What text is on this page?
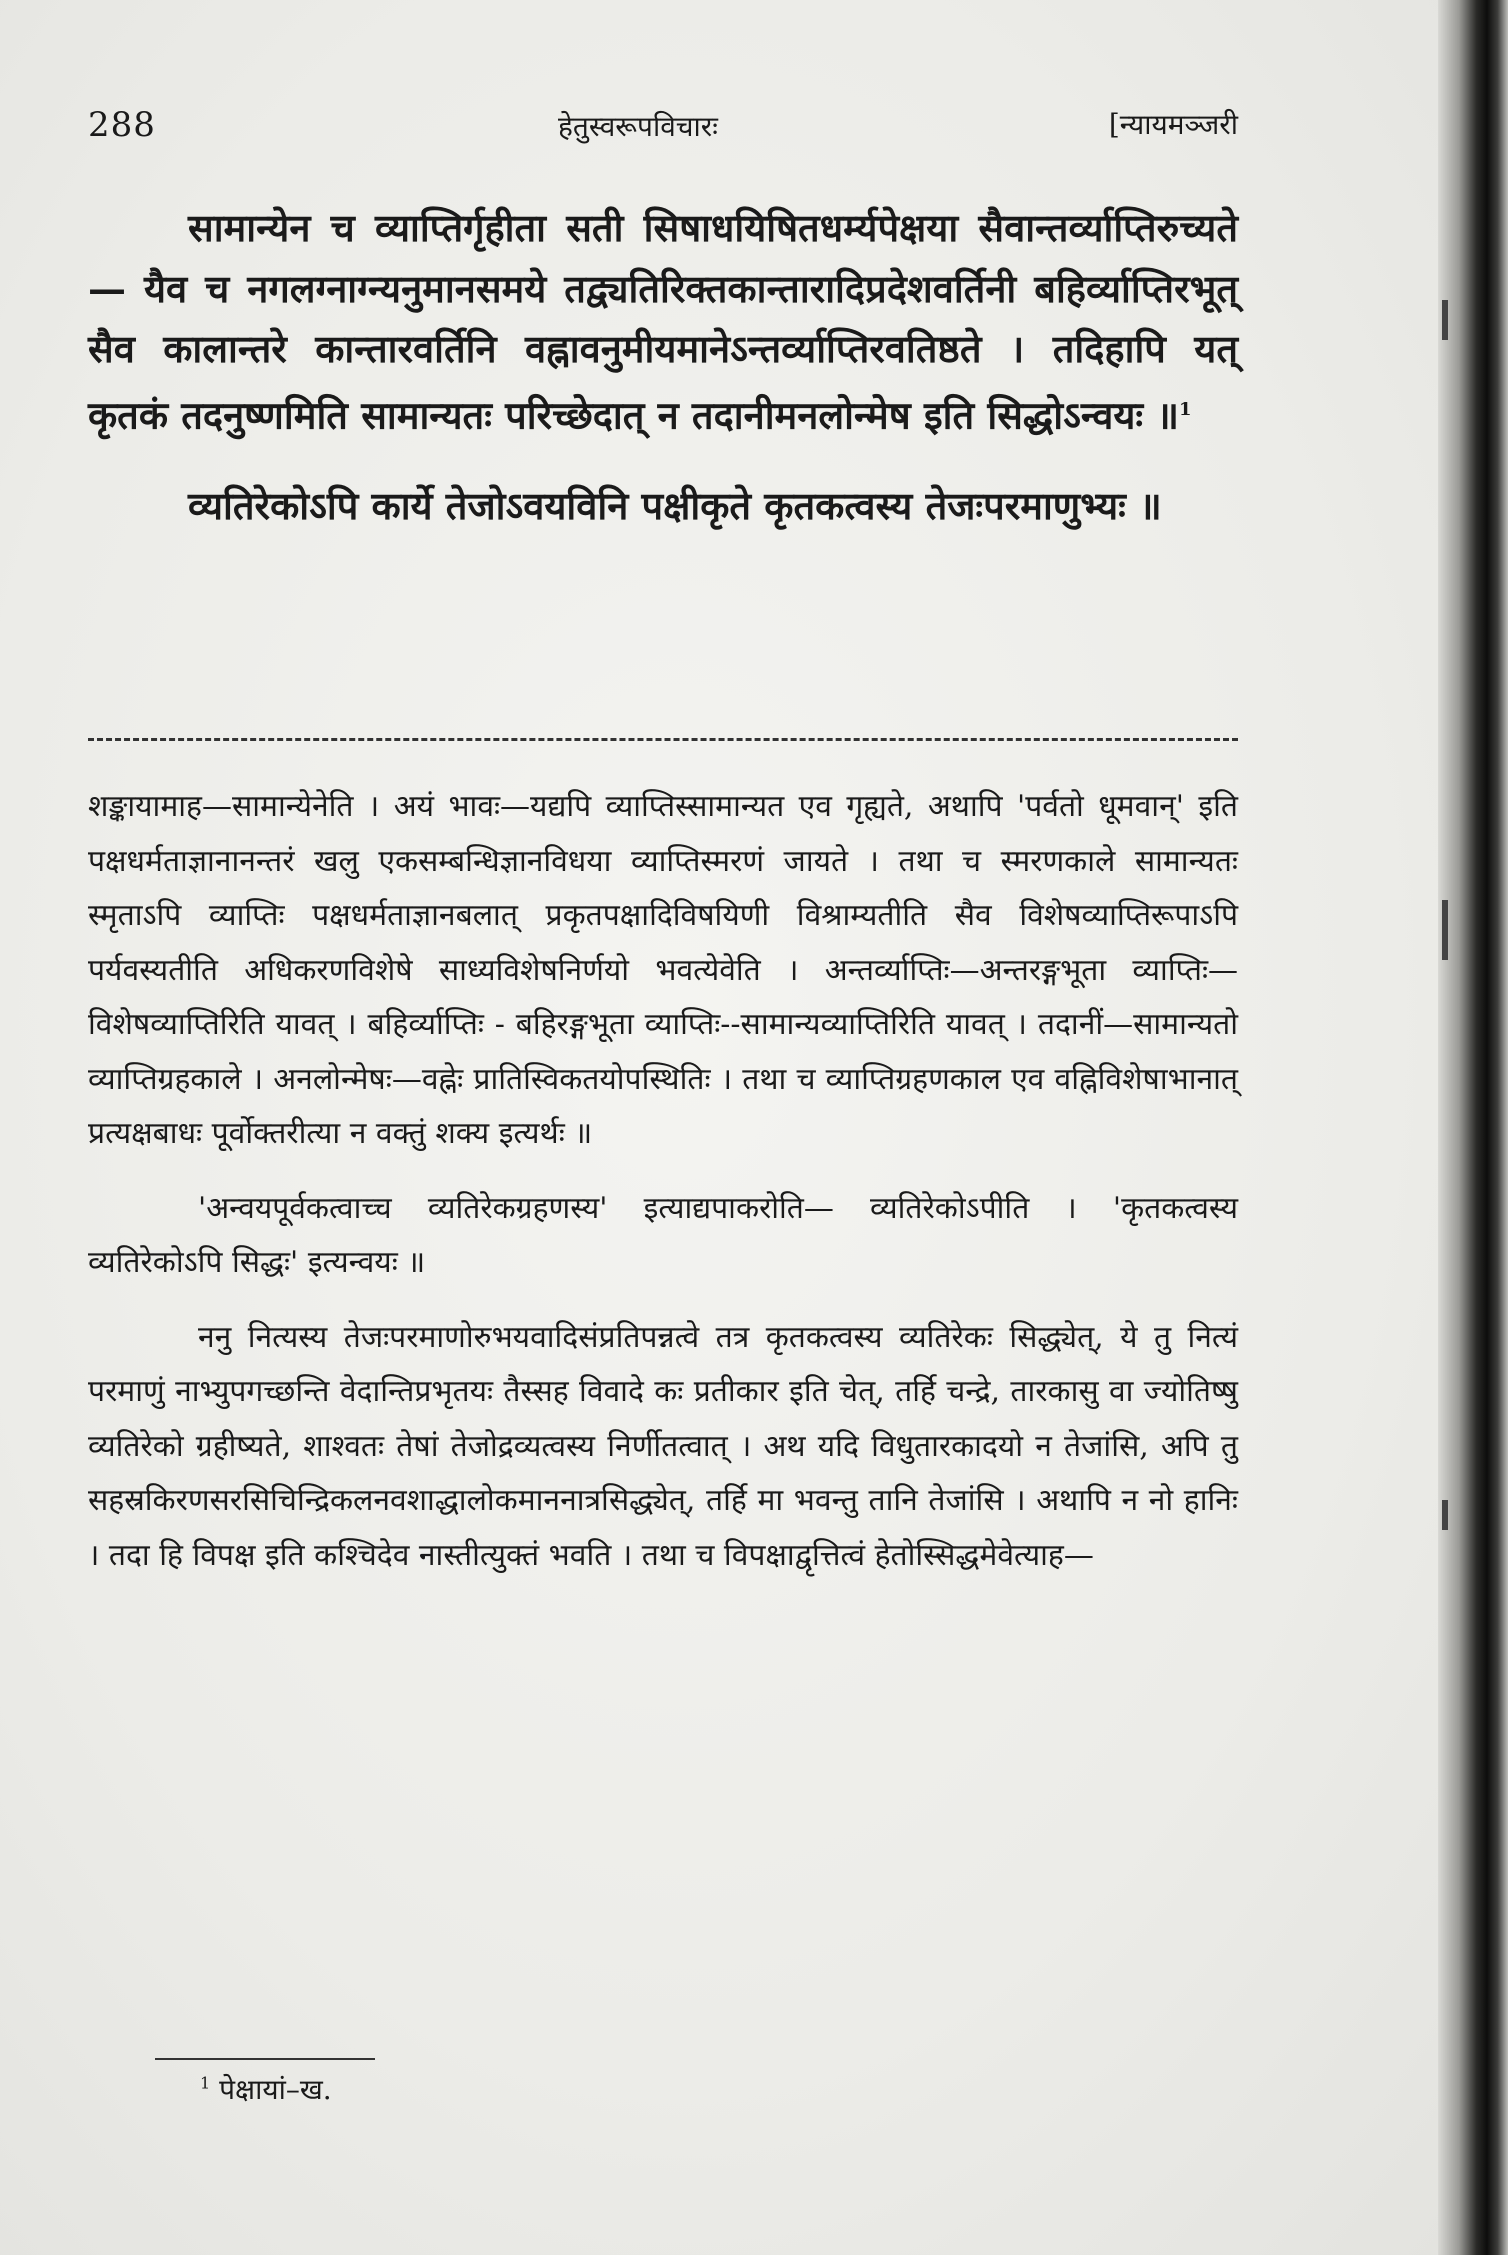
288	हेतुस्वरूपविचारः	[न्यायमञ्जरी

सामान्येन च व्याप्तिर्गृहीता सती सिषाधयिषितधर्म्यपेक्षया सैवान्तर्व्याप्तिरुच्यते — यैव च नगलग्नाग्न्यनुमानसमये तद्व्यतिरिक्तकान्तारादिप्रदेशवर्तिनी बहिर्व्याप्तिरभूत् सैव कालान्तरे कान्तारवर्तिनि वह्नावनुमीयमानेऽन्तर्व्याप्तिरवतिष्ठते । तदिहापि यत् कृतकं तदनुष्णमिति सामान्यतः परिच्छेदात् न तदानीमनलोन्मेष इति सिद्धोऽन्वयः ॥$^1$

व्यतिरेकोऽपि कार्ये तेजोऽवयविनि पक्षीकृते कृतकत्वस्य तेजःपरमाणुभ्यः ॥

शङ्कायामाह—सामान्येनेति । अयं भावः—यद्यपि व्याप्तिस्सामान्यत एव गृह्यते, अथापि 'पर्वतो धूमवान्' इति पक्षधर्मताज्ञानानन्तरं खलु एकसम्बन्धिज्ञानविधया व्याप्तिस्मरणं जायते । तथा च स्मरणकाले सामान्यतः स्मृताऽपि व्याप्तिः पक्षधर्मताज्ञानबलात् प्रकृतपक्षादिविषयिणी विश्राम्यतीति सैव विशेषव्याप्तिरूपाऽपि पर्यवस्यतीति अधिकरणविशेषे साध्यविशेषनिर्णयो भवत्येवेति । अन्तर्व्याप्तिः—अन्तरङ्गभूता व्याप्तिः—विशेषव्याप्तिरिति यावत् । बहिर्व्याप्तिः - बहिरङ्गभूता व्याप्तिः--सामान्यव्याप्तिरिति यावत् । तदानीं—सामान्यतो व्याप्तिग्रहकाले । अनलोन्मेषः—वह्नेः प्रातिस्विकतयोपस्थितिः । तथा च व्याप्तिग्रहणकाल एव वह्निविशेषाभानात् प्रत्यक्षबाधः पूर्वोक्तरीत्या न वक्तुं शक्य इत्यर्थः ॥

'अन्वयपूर्वकत्वाच्च व्यतिरेकग्रहणस्य' इत्याद्यपाकरोति— व्यतिरेकोऽपीति । 'कृतकत्वस्य व्यतिरेकोऽपि सिद्धः' इत्यन्वयः ॥

ननु नित्यस्य तेजःपरमाणोरुभयवादिसंप्रतिपन्नत्वे तत्र कृतकत्वस्य व्यतिरेकः सिद्ध्येत्, ये तु नित्यं परमाणुं नाभ्युपगच्छन्ति वेदान्तिप्रभृतयः तैस्सह विवादे कः प्रतीकार इति चेत्, तर्हि चन्द्रे, तारकासु वा ज्योतिष्षु व्यतिरेको ग्रहीष्यते, शाश्वतः तेषां तेजोद्रव्यत्वस्य निर्णीतत्वात् । अथ यदि विधुतारकादयो न तेजांसि, अपि तु सहस्रकिरणसरसिचिन्द्रिकलनवशाद्धालोकमाननात्रसिद्ध्येत्, तर्हि मा भवन्तु तानि तेजांसि । अथापि न नो हानिः । तदा हि विपक्ष इति कश्चिदेव नास्तीत्युक्तं भवति । तथा च विपक्षाद्वृत्तित्वं हेतोस्सिद्धमेवेत्याह—

$^1$ पेक्षायां–ख.
